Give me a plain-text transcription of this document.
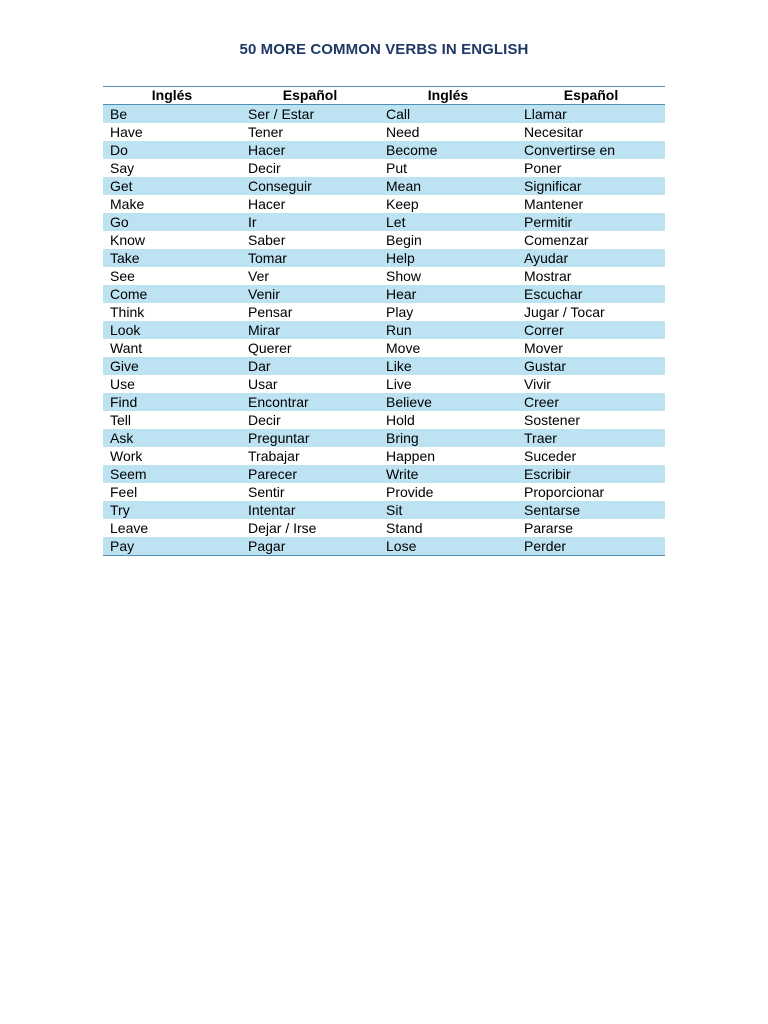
50 MORE COMMON VERBS IN ENGLISH
Inglés	Español	Inglés	Español
Be	Ser / Estar	Call	Llamar
Have	Tener	Need	Necesitar
Do	Hacer	Become	Convertirse en
Say	Decir	Put	Poner
Get	Conseguir	Mean	Significar
Make	Hacer	Keep	Mantener
Go	Ir	Let	Permitir
Know	Saber	Begin	Comenzar
Take	Tomar	Help	Ayudar
See	Ver	Show	Mostrar
Come	Venir	Hear	Escuchar
Think	Pensar	Play	Jugar / Tocar
Look	Mirar	Run	Correr
Want	Querer	Move	Mover
Give	Dar	Like	Gustar
Use	Usar	Live	Vivir
Find	Encontrar	Believe	Creer
Tell	Decir	Hold	Sostener
Ask	Preguntar	Bring	Traer
Work	Trabajar	Happen	Suceder
Seem	Parecer	Write	Escribir
Feel	Sentir	Provide	Proporcionar
Try	Intentar	Sit	Sentarse
Leave	Dejar / Irse	Stand	Pararse
Pay	Pagar	Lose	Perder
